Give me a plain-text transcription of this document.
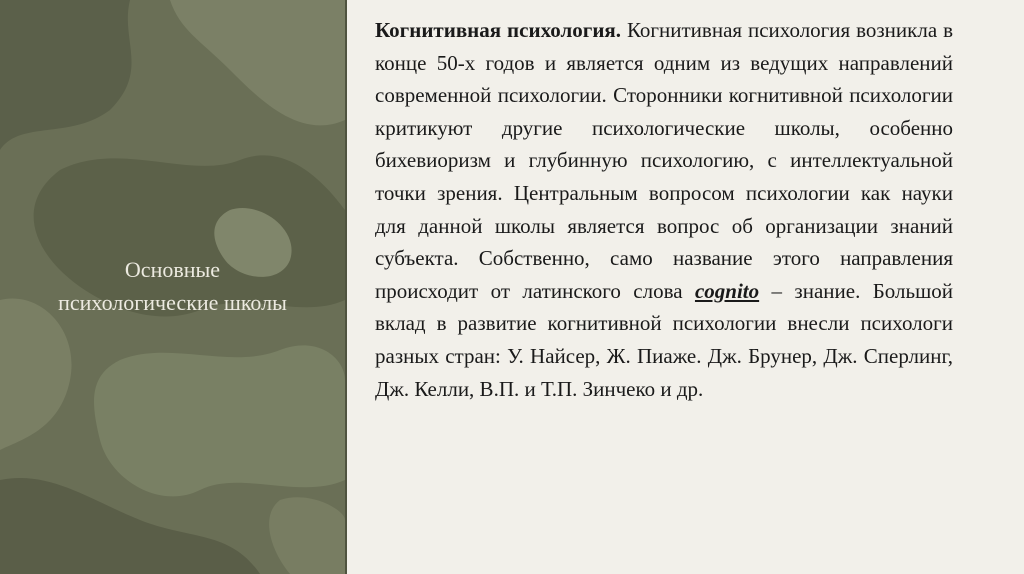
Основные
психологические школы

Когнитивная психология. Когнитивная психология возникла в конце 50-х годов и является одним из ведущих направлений современной психологии. Сторонники когнитивной психологии критикуют другие психологические школы, особенно бихевиоризм и глубинную психологию, с интеллектуальной точки зрения. Центральным вопросом психологии как науки для данной школы является вопрос об организации знаний субъекта. Собственно, само название этого направления происходит от латинского слова cognito – знание. Большой вклад в развитие когнитивной психологии внесли психологи разных стран: У. Найсер, Ж. Пиаже. Дж. Брунер, Дж. Сперлинг, Дж. Келли, В.П. и Т.П. Зинчеко и др.
